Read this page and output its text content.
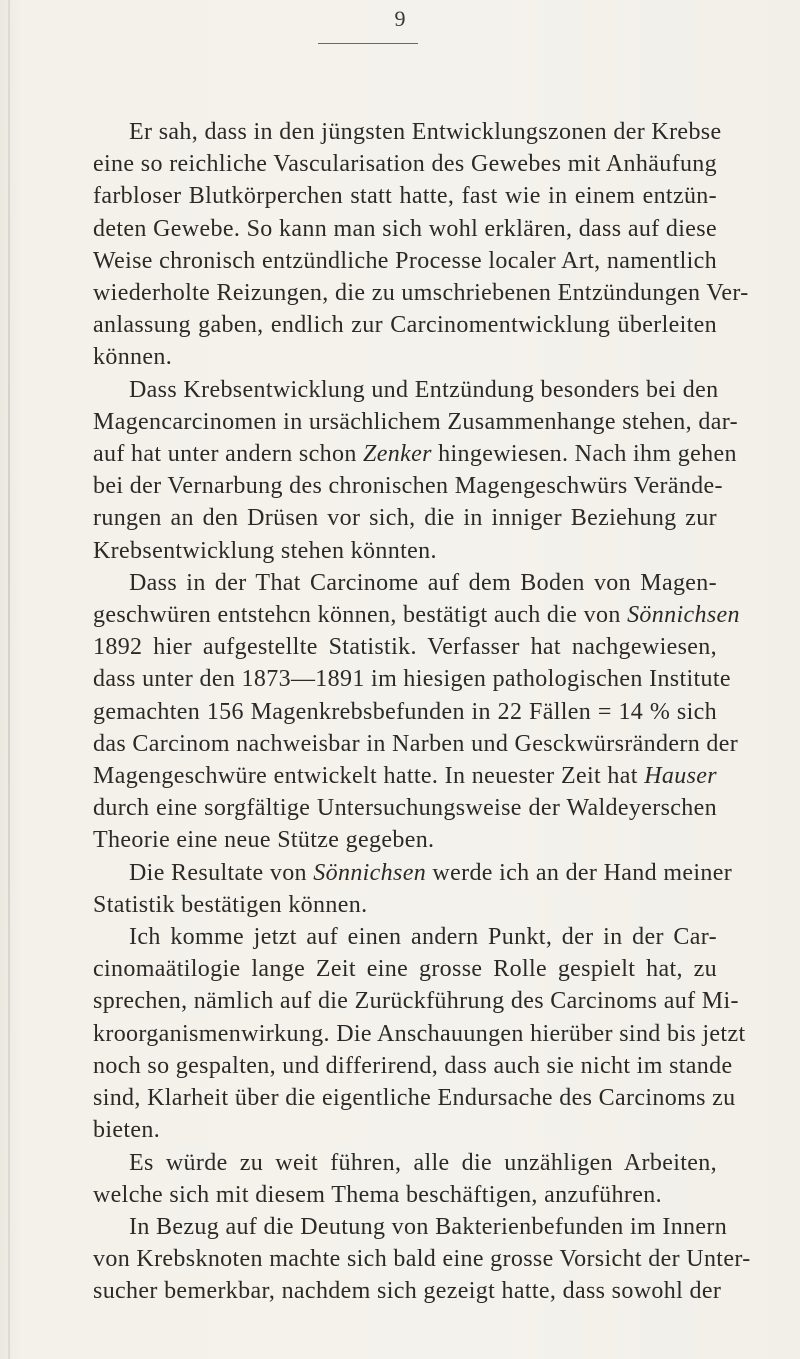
9
Er sah, dass in den jüngsten Entwicklungszonen der Krebse
eine so reichliche Vascularisation des Gewebes mit Anhäufung
farbloser Blutkörperchen statt hatte, fast wie in einem entzün-
deten Gewebe. So kann man sich wohl erklären, dass auf diese
Weise chronisch entzündliche Processe localer Art, namentlich
wiederholte Reizungen, die zu umschriebenen Entzündungen Ver-
anlassung gaben, endlich zur Carcinomentwicklung überleiten
können.
Dass Krebsentwicklung und Entzündung besonders bei den
Magencarcinomen in ursächlichem Zusammenhange stehen, dar-
auf hat unter andern schon Zenker hingewiesen. Nach ihm gehen
bei der Vernarbung des chronischen Magengeschwürs Verände-
rungen an den Drüsen vor sich, die in inniger Beziehung zur
Krebsentwicklung stehen könnten.
Dass in der That Carcinome auf dem Boden von Magen-
geschwüren entstehcn können, bestätigt auch die von Sönnichsen
1892 hier aufgestellte Statistik. Verfasser hat nachgewiesen,
dass unter den 1873—1891 im hiesigen pathologischen Institute
gemachten 156 Magenkrebsbefunden in 22 Fällen = 14 % sich
das Carcinom nachweisbar in Narben und Gesckwürsrändern der
Magengeschwüre entwickelt hatte. In neuester Zeit hat Hauser
durch eine sorgfältige Untersuchungsweise der Waldeyerschen
Theorie eine neue Stütze gegeben.
Die Resultate von Sönnichsen werde ich an der Hand meiner
Statistik bestätigen können.
Ich komme jetzt auf einen andern Punkt, der in der Car-
cinomaätilogie lange Zeit eine grosse Rolle gespielt hat, zu
sprechen, nämlich auf die Zurückführung des Carcinoms auf Mi-
kroorganismenwirkung. Die Anschauungen hierüber sind bis jetzt
noch so gespalten, und differirend, dass auch sie nicht im stande
sind, Klarheit über die eigentliche Endursache des Carcinoms zu
bieten.
Es würde zu weit führen, alle die unzähligen Arbeiten,
welche sich mit diesem Thema beschäftigen, anzuführen.
In Bezug auf die Deutung von Bakterienbefunden im Innern
von Krebsknoten machte sich bald eine grosse Vorsicht der Unter-
sucher bemerkbar, nachdem sich gezeigt hatte, dass sowohl der
